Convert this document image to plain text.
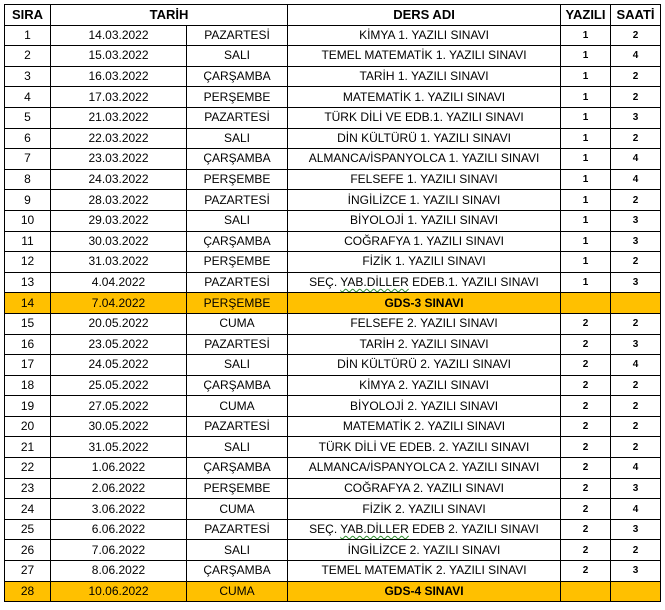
SIRA	TARİH		DERS ADI	YAZILI	SAATİ
1	14.03.2022	PAZARTESİ	KİMYA 1. YAZILI SINAVI	1	2
2	15.03.2022	SALI	TEMEL MATEMATİK 1. YAZILI SINAVI	1	4
3	16.03.2022	ÇARŞAMBA	TARİH 1. YAZILI SINAVI	1	2
4	17.03.2022	PERŞEMBE	MATEMATİK 1. YAZILI SINAVI	1	2
5	21.03.2022	PAZARTESİ	TÜRK DİLİ VE EDB.1. YAZILI SINAVI	1	3
6	22.03.2022	SALI	DİN KÜLTÜRÜ 1. YAZILI SINAVI	1	2
7	23.03.2022	ÇARŞAMBA	ALMANCA/İSPANYOLCA 1. YAZILI SINAVI	1	4
8	24.03.2022	PERŞEMBE	FELSEFE 1. YAZILI SINAVI	1	4
9	28.03.2022	PAZARTESİ	İNGİLİZCE 1. YAZILI SINAVI	1	2
10	29.03.2022	SALI	BİYOLOJİ 1. YAZILI SINAVI	1	3
11	30.03.2022	ÇARŞAMBA	COĞRAFYA 1. YAZILI SINAVI	1	3
12	31.03.2022	PERŞEMBE	FİZİK 1. YAZILI SINAVI	1	2
13	4.04.2022	PAZARTESİ	SEÇ. YAB.DİLLER EDEB.1. YAZILI SINAVI	1	3
14	7.04.2022	PERŞEMBE	GDS-3 SINAVI		
15	20.05.2022	CUMA	FELSEFE 2. YAZILI SINAVI	2	2
16	23.05.2022	PAZARTESİ	TARİH 2. YAZILI SINAVI	2	3
17	24.05.2022	SALI	DİN KÜLTÜRÜ 2. YAZILI SINAVI	2	4
18	25.05.2022	ÇARŞAMBA	KİMYA 2. YAZILI SINAVI	2	2
19	27.05.2022	CUMA	BİYOLOJİ 2. YAZILI SINAVI	2	2
20	30.05.2022	PAZARTESİ	MATEMATİK 2. YAZILI SINAVI	2	2
21	31.05.2022	SALI	TÜRK DİLİ VE EDEB. 2. YAZILI SINAVI	2	2
22	1.06.2022	ÇARŞAMBA	ALMANCA/İSPANYOLCA 2. YAZILI SINAVI	2	4
23	2.06.2022	PERŞEMBE	COĞRAFYA 2. YAZILI SINAVI	2	3
24	3.06.2022	CUMA	FİZİK 2. YAZILI SINAVI	2	4
25	6.06.2022	PAZARTESİ	SEÇ. YAB.DİLLER EDEB 2. YAZILI SINAVI	2	3
26	7.06.2022	SALI	İNGİLİZCE 2. YAZILI SINAVI	2	2
27	8.06.2022	ÇARŞAMBA	TEMEL MATEMATİK 2. YAZILI SINAVI	2	3
28	10.06.2022	CUMA	GDS-4 SINAVI		
